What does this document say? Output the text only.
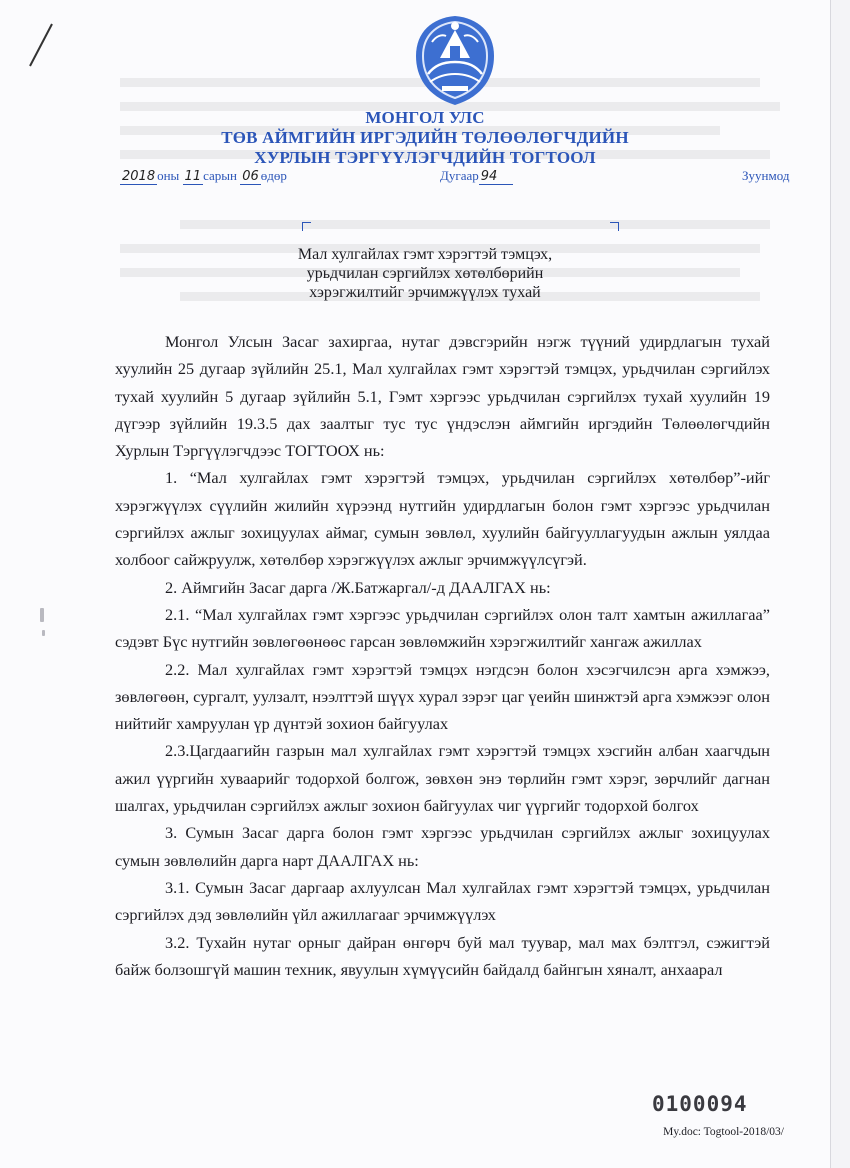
МОНГОЛ УЛС
ТӨВ АЙМГИЙН ИРГЭДИЙН ТӨЛӨӨЛӨГЧДИЙН
ХУРЛЫН ТЭРГҮҮЛЭГЧДИЙН ТОГТООЛ
2018 оны 11 сарын 06 өдөр	Дугаар 94	Зуунмод
Мал хулгайлах гэмт хэрэгтэй тэмцэх,
урьдчилан сэргийлэх хөтөлбөрийн
хэрэгжилтийг эрчимжүүлэх тухай

Монгол Улсын Засаг захиргаа, нутаг дэвсгэрийн нэгж түүний удирдлагын тухай хуулийн 25 дугаар зүйлийн 25.1, Мал хулгайлах гэмт хэрэгтэй тэмцэх, урьдчилан сэргийлэх тухай хуулийн 5 дугаар зүйлийн 5.1, Гэмт хэргээс урьдчилан сэргийлэх тухай хуулийн 19 дүгээр зүйлийн 19.3.5 дах заалтыг тус тус үндэслэн аймгийн иргэдийн Төлөөлөгчдийн Хурлын Тэргүүлэгчдээс ТОГТООХ нь:

1. “Мал хулгайлах гэмт хэрэгтэй тэмцэх, урьдчилан сэргийлэх хөтөлбөр”-ийг хэрэгжүүлэх сүүлийн жилийн хүрээнд нутгийн удирдлагын болон гэмт хэргээс урьдчилан сэргийлэх ажлыг зохицуулах аймаг, сумын зөвлөл, хуулийн байгууллагуудын ажлын уялдаа холбоог сайжруулж, хөтөлбөр хэрэгжүүлэх ажлыг эрчимжүүлсүгэй.

2. Аймгийн Засаг дарга /Ж.Батжаргал/-д ДААЛГАХ нь:

2.1. “Мал хулгайлах гэмт хэргээс урьдчилан сэргийлэх олон талт хамтын ажиллагаа” сэдэвт Бүс нутгийн зөвлөгөөнөөс гарсан зөвлөмжийн хэрэгжилтийг хангаж ажиллах

2.2. Мал хулгайлах гэмт хэрэгтэй тэмцэх нэгдсэн болон хэсэгчилсэн арга хэмжээ, зөвлөгөөн, сургалт, уулзалт, нээлттэй шүүх хурал зэрэг цаг үеийн шинжтэй арга хэмжээг олон нийтийг хамруулан үр дүнтэй зохион байгуулах

2.3.Цагдаагийн газрын мал хулгайлах гэмт хэрэгтэй тэмцэх хэсгийн албан хаагчдын ажил үүргийн хуваарийг тодорхой болгож, зөвхөн энэ төрлийн гэмт хэрэг, зөрчлийг дагнан шалгах, урьдчилан сэргийлэх ажлыг зохион байгуулах чиг үүргийг тодорхой болгох

3. Сумын Засаг дарга болон гэмт хэргээс урьдчилан сэргийлэх ажлыг зохицуулах сумын зөвлөлийн дарга нарт ДААЛГАХ нь:

3.1. Сумын Засаг даргаар ахлуулсан Мал хулгайлах гэмт хэрэгтэй тэмцэх, урьдчилан сэргийлэх дэд зөвлөлийн үйл ажиллагааг эрчимжүүлэх

3.2. Тухайн нутаг орныг дайран өнгөрч буй мал туувар, мал мах бэлтгэл, сэжигтэй байж болзошгүй машин техник, явуулын хүмүүсийн байдалд байнгын хяналт, анхаарал

0100094
My.doc: Togtool-2018/03/
